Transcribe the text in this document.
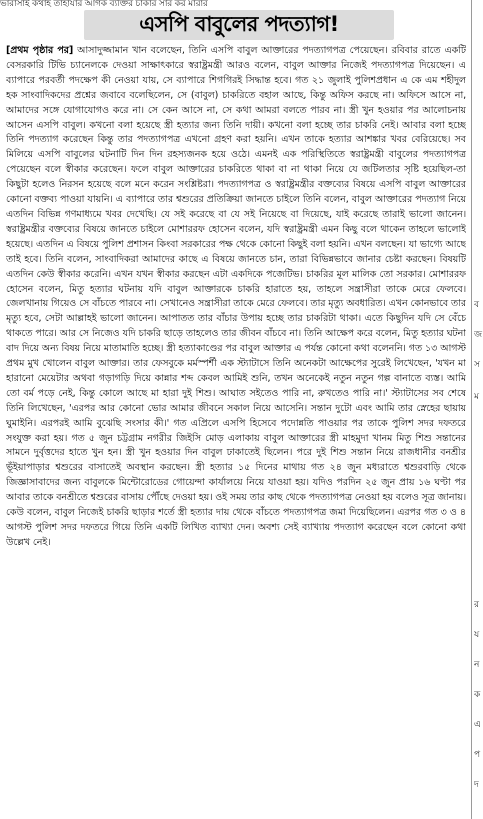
ভারাসাই কথাহ তাহাযার আগক ব্যক্তির চাকার সার কর মারার
এসপি বাবুলের পদত্যাগ!
[প্রথম পৃষ্ঠার পর] আসাদুজ্জামান খান বলেছেন, তিনি এসপি বাবুল আক্তারের পদত্যাগপত্র পেয়েছেন। রবিবার রাতে একটি বেসরকারি টিভি চ্যানেলকে দেওয়া সাক্ষাৎকারে স্বরাষ্ট্রমন্ত্রী আরও বলেন, বাবুল আক্তার নিজেই পদত্যাগপত্র দিয়েছেন। এ ব্যাপারে পরবর্তী পদক্ষেপ কী নেওয়া যায়, সে ব্যাপারে শিগগিরই সিদ্ধান্ত হবে। গত ২১ জুলাই পুলিশপ্রধান এ কে এম শহীদুল হক সাংবাদিকদের প্রশ্নের জবাবে বলেছিলেন, সে (বাবুল) চাকরিতে বহাল আছে, কিন্তু অফিস করছে না। অফিসে আসে না, আমাদের সঙ্গে যোগাযোগও করে না। সে কেন আসে না, সে কথা আমরা বলতে পারব না। স্ত্রী খুন হওয়ার পর আলোচনায় আসেন এসপি বাবুল। কখনো বলা হয়েছে স্ত্রী হত্যার জন্য তিনি দায়ী। কখনো বলা হচ্ছে তার চাকরি নেই। আবার বলা হচ্ছে তিনি পদত্যাগ করেছেন কিন্তু তার পদত্যাগপত্র এখনো গ্রহণ করা হয়নি। এখন তাকে হত্যার আশঙ্কার খবর বেরিয়েছে। সব মিলিয়ে এসপি বাবুলের ঘটনাটি দিন দিন রহস্যজনক হয়ে ওঠে। এমনই এক পরিস্থিতিতে স্বরাষ্ট্রমন্ত্রী বাবুলের পদত্যাগপত্র পেয়েছেন বলে স্বীকার করেছেন। ফলে বাবুল আক্তারের চাকরিতে থাকা বা না থাকা নিয়ে যে জটিলতার সৃষ্টি হয়েছিল-তা কিছুটা হলেও নিরসন হয়েছে বলে মনে করেন সংশ্লিষ্টরা। পদত্যাগপত্র ও স্বরাষ্ট্রমন্ত্রীর বক্তব্যের বিষয়ে এসপি বাবুল আক্তারের কোনো বক্তব্য পাওয়া যায়নি। এ ব্যাপারে তার শ্বশুরের প্রতিক্রিয়া জানতে চাইলে তিনি বলেন, বাবুল আক্তারের পদত্যাগ নিয়ে এতদিন বিভিন্ন গণমাধ্যমে খবর দেখেছি। যে সই করেছে বা যে সই নিয়েছে বা দিয়েছে, যাই করেছে তারাই ভালো জানেন। স্বরাষ্ট্রমন্ত্রীর বক্তব্যের বিষয়ে জানতে চাইলে মোশাররফ হোসেন বলেন, যদি স্বরাষ্ট্রমন্ত্রী এমন কিছু বলে থাকেন তাহলে ভালোই হয়েছে। এতদিন এ বিষয়ে পুলিশ প্রশাসন কিংবা সরকারের পক্ষ থেকে কোনো কিছুই বলা হয়নি। এখন বলছেন। যা ভাগ্যে আছে তাই হবে। তিনি বলেন, সাংবাদিকরা আমাদের কাছে এ বিষয়ে জানতে চান, তারা বিভিন্নভাবে জানার চেষ্টা করছেন। বিষয়টি এতদিন কেউ স্বীকার করেনি। এখন যখন স্বীকার করছেন এটা একদিকে পজেটিভ। চাকরির মূল মালিক তো সরকার। মোশাররফ হোসেন বলেন, মিতু হত্যার ঘটনায় যদি বাবুল আক্তারকে চাকরি হারাতে হয়, তাহলে সন্ত্রাসীরা তাকে মেরে ফেলবে। জেলখানায় গিয়েও সে বাঁচতে পারবে না। সেখানেও সন্ত্রাসীরা তাকে মেরে ফেলবে। তার মৃত্যু অবধারিত। এখন কোনভাবে তার মৃত্যু হবে, সেটা আল্লাহই ভালো জানেন। আপাতত তার বাঁচার উপায় হচ্ছে তার চাকরিটা থাকা। এতে কিছুদিন যদি সে বেঁচে থাকতে পারে। আর সে নিজেও যদি চাকরি ছাড়ে তাহলেও তার জীবন বাঁচবে না। তিনি আক্ষেপ করে বলেন, মিতু হত্যার ঘটনা বাদ দিয়ে অন্য বিষয় নিয়ে মাতামাতি হচ্ছে। স্ত্রী হত্যাকাণ্ডের পর বাবুল আক্তার এ পর্যন্ত কোনো কথা বলেননি। গত ১৩ আগস্ট প্রথম মুখ খোলেন বাবুল আক্তার। তার ফেসবুকে মর্মস্পর্শী এক স্ট্যাটাসে তিনি অনেকটা আক্ষেপের সুরেই লিখেছেন, 'যখন মা হারানো মেয়েটার অথবা গড়াগড়ি দিয়ে কান্নার শব্দ কেবল আমিই শুনি, তখন অনেকেই নতুন নতুন গল্প বানাতে ব্যস্ত। আমি তো বর্ম পড়ে নেই, কিন্তু কোলে আছে মা হারা দুই শিশু। আঘাত সইতেও পারি না, রুখতেও পারি না।' স্ট্যাটাসের সব শেষে তিনি লিখেছেন, 'এরপর আর কোনো ভোর আমার জীবনে সকাল নিয়ে আসেনি। সন্তান দুটো এবং আমি তার স্নেহের ছায়ায় ঘুমাইনি। এরপরই আমি বুঝেছি সংসার কী।' গত এপ্রিলে এসপি হিসেবে পদোন্নতি পাওয়ার পর তাকে পুলিশ সদর দফতরে সংযুক্ত করা হয়। গত ৫ জুন চট্টগ্রাম নগরীর জিইসি মোড় এলাকায় বাবুল আক্তারের স্ত্রী মাহমুদা খানম মিতু শিশু সন্তানের সামনে দুর্বৃত্তদের হাতে খুন হন। স্ত্রী খুন হওয়ার দিন বাবুল ঢাকাতেই ছিলেন। পরে দুই শিশু সন্তান নিয়ে রাজধানীর বনশ্রীর ভূঁইয়াপাড়ার শ্বশুরের বাসাতেই অবস্থান করছেন। স্ত্রী হত্যার ১৫ দিনের মাথায় গত ২৪ জুন মধ্যরাতে শ্বশুরবাড়ি থেকে জিজ্ঞাসাবাদের জন্য বাবুলকে মিন্টোরোডের গোয়েন্দা কার্যালয়ে নিয়ে যাওয়া হয়। যদিও পরদিন ২৫ জুন প্রায় ১৬ ঘণ্টা পর আবার তাকে বনশ্রীতে শ্বশুরের বাসায় পৌঁছে দেওয়া হয়। ওই সময় তার কাছ থেকে পদত্যাগপত্র নেওয়া হয় বলেও সূত্র জানায়। কেউ বলেন, বাবুল নিজেই চাকরি ছাড়ার শর্তে স্ত্রী হত্যার দায় থেকে বাঁচতে পদত্যাগপত্র জমা দিয়েছিলেন। এরপর গত ৩ ও ৪ আগস্ট পুলিশ সদর দফতরে গিয়ে তিনি একটি লিখিত ব্যাখ্যা দেন। অবশ্য সেই ব্যাখ্যায় পদত্যাগ করেছেন বলে কোনো কথা উল্লেখ নেই।
ব
জ
স
ম
র
য
ন
ক
এ
প
দ
